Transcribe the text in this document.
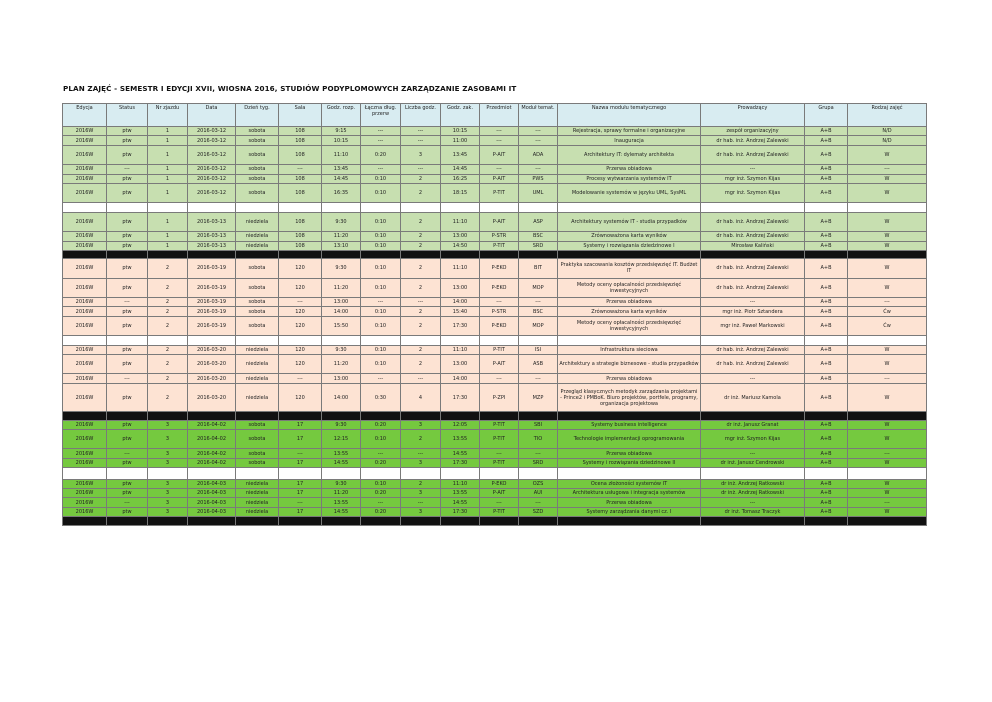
PLAN ZAJĘĆ - SEMESTR I EDYCJI XVII, WIOSNA 2016, STUDIÓW PODYPLOMOWYCH ZARZĄDZANIE ZASOBAMI IT
Edycja	Status	Nr zjazdu	Data	Dzień tyg.	Sala	Godz. rozp.	Łączna dług. przerw	Liczba godz.	Godz. zak.	Przedmiot	Moduł temat.	Nazwa modułu tematycznego	Prowadzący	Grupa	Rodzaj zajęć
2016W	ptw	1	2016-03-12	sobota	108	9:15	---	---	10:15	---	---	Rejestracja, sprawy formalne i organizacyjne	zespół organizacyjny	A+B	N/D
2016W	ptw	1	2016-03-12	sobota	108	10:15	---	---	11:00	---	---	Inauguracja	dr hab. inż. Andrzej Zalewski	A+B	N/D
2016W	ptw	1	2016-03-12	sobota	108	11:10	0:20	3	13:45	P-AIT	ADA	Architektury IT: dylematy architekta	dr hab. inż. Andrzej Zalewski	A+B	W
2016W	---	1	2016-03-12	sobota	---	13:45	---	---	14:45	---	---	Przerwa obiadowa	---	A+B	---
2016W	ptw	1	2016-03-12	sobota	108	14:45	0:10	2	16:25	P-AIT	PWS	Procesy wytwarzania systemów IT	mgr inż. Szymon Kijas	A+B	W
2016W	ptw	1	2016-03-12	sobota	108	16:35	0:10	2	18:15	P-TIT	UML	Modelowanie systemów w języku UML, SysML	mgr inż. Szymon Kijas	A+B	W

2016W	ptw	1	2016-03-13	niedziela	108	9:30	0:10	2	11:10	P-AIT	ASP	Architektury systemów IT - studia przypadków	dr hab. inż. Andrzej Zalewski	A+B	W
2016W	ptw	1	2016-03-13	niedziela	108	11:20	0:10	2	13:00	P-STR	BSC	Zrównoważona karta wyników	dr hab. inż. Andrzej Zalewski	A+B	W
2016W	ptw	1	2016-03-13	niedziela	108	13:10	0:10	2	14:50	P-TIT	SRD	Systemy i rozwiązania dziedzinowe I	Mirosław Kaliński	A+B	W

2016W	ptw	2	2016-03-19	sobota	120	9:30	0:10	2	11:10	P-EKO	BIT	Praktyka szacowania kosztów przedsięwzięć IT. Budżet IT	dr hab. inż. Andrzej Zalewski	A+B	W
2016W	ptw	2	2016-03-19	sobota	120	11:20	0:10	2	13:00	P-EKO	MOP	Metody oceny opłacalności przedsięwzięć inwestycyjnych	dr hab. inż. Andrzej Zalewski	A+B	W
2016W	---	2	2016-03-19	sobota	---	13:00	---	---	14:00	---	---	Przerwa obiadowa	---	A+B	---
2016W	ptw	2	2016-03-19	sobota	120	14:00	0:10	2	15:40	P-STR	BSC	Zrównoważona karta wyników	mgr inż. Piotr Sztandera	A+B	Ćw
2016W	ptw	2	2016-03-19	sobota	120	15:50	0:10	2	17:30	P-EKO	MOP	Metody oceny opłacalności przedsięwzięć inwestycyjnych	mgr inż. Paweł Markowski	A+B	Ćw

2016W	ptw	2	2016-03-20	niedziela	120	9:30	0:10	2	11:10	P-TIT	ISI	Infrastruktura sieciowa	dr hab. inż. Andrzej Zalewski	A+B	W
2016W	ptw	2	2016-03-20	niedziela	120	11:20	0:10	2	13:00	P-AIT	ASB	Architektury a strategie biznesowe - studia przypadków	dr hab. inż. Andrzej Zalewski	A+B	W
2016W	---	2	2016-03-20	niedziela	---	13:00	---	---	14:00	---	---	Przerwa obiadowa	---	A+B	---
2016W	ptw	2	2016-03-20	niedziela	120	14:00	0:30	4	17:30	P-ZPI	MZP	Przegląd klasycznych metodyk zarządzania projektami - Prince2 i PMBoK. Biuro projektów, portfele, programy, organizacja projektowa	dr inż. Mariusz Kamola	A+B	W

2016W	ptw	3	2016-04-02	sobota	17	9:30	0:20	3	12:05	P-TIT	SBI	Systemy business intelligence	dr inż. Janusz Granat	A+B	W
2016W	ptw	3	2016-04-02	sobota	17	12:15	0:10	2	13:55	P-TIT	TIO	Technologie implementacji oprogramowania	mgr inż. Szymon Kijas	A+B	W
2016W	---	3	2016-04-02	sobota	---	13:55	---	---	14:55	---	---	Przerwa obiadowa	---	A+B	---
2016W	ptw	3	2016-04-02	sobota	17	14:55	0:20	3	17:30	P-TIT	SRD	Systemy i rozwiązania dziedzinowe II	dr inż. Janusz Cendrowski	A+B	W

2016W	ptw	3	2016-04-03	niedziela	17	9:30	0:10	2	11:10	P-EKO	OZS	Ocena złożoności systemów IT	dr inż. Andrzej Ratkowski	A+B	W
2016W	ptw	3	2016-04-03	niedziela	17	11:20	0:20	3	13:55	P-AIT	AUI	Architektura usługowa i integracja systemów	dr inż. Andrzej Ratkowski	A+B	W
2016W	---	3	2016-04-03	niedziela	---	13:55	---	---	14:55	---	---	Przerwa obiadowa	---	A+B	---
2016W	ptw	3	2016-04-03	niedziela	17	14:55	0:20	3	17:30	P-TIT	SZD	Systemy zarządzania danymi cz. I	dr inż. Tomasz Traczyk	A+B	W
